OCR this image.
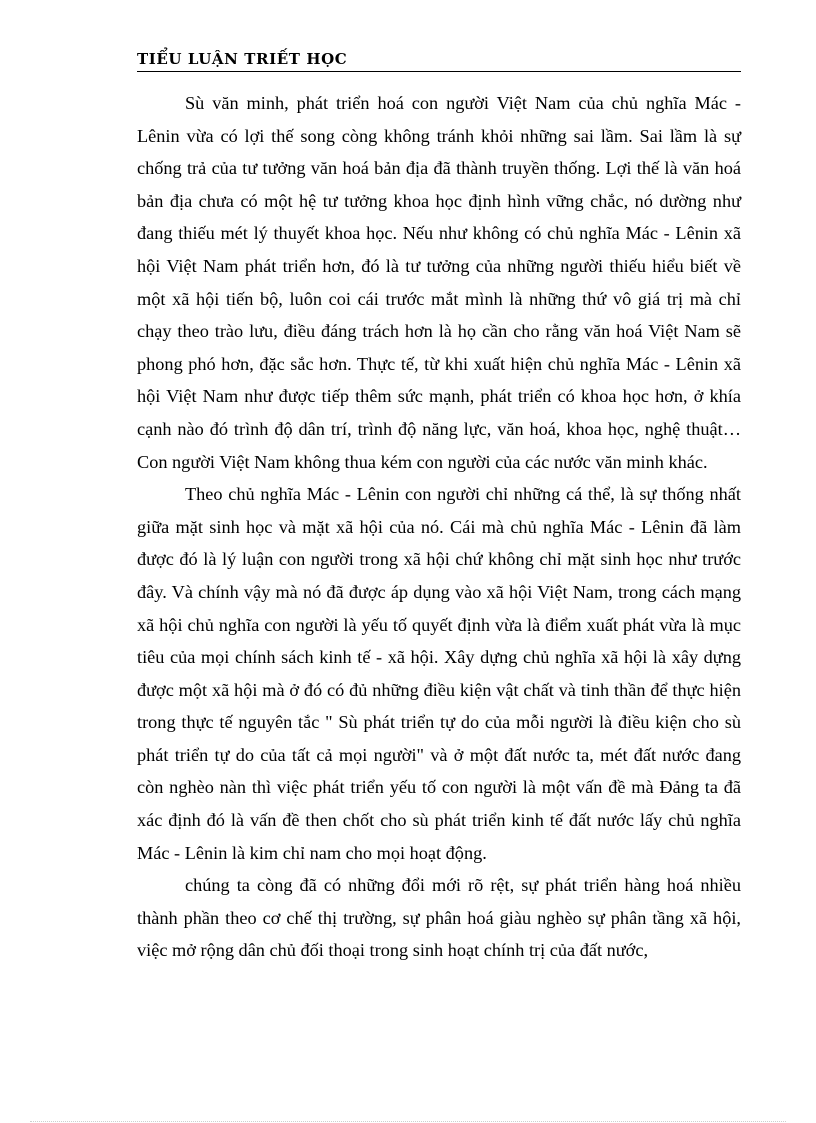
TIỂU LUẬN TRIẾT HỌC

Sù văn minh, phát triển hoá con người Việt Nam của chủ nghĩa Mác - Lênin vừa có lợi thế song còng không tránh khỏi những sai lầm. Sai lầm là sự chống trả của tư tưởng văn hoá bản địa đã thành truyền thống. Lợi thế là văn hoá bản địa chưa có một hệ tư tưởng khoa học định hình vững chắc, nó dường như đang thiếu mét lý thuyết khoa học. Nếu như không có chủ nghĩa Mác - Lênin xã hội Việt Nam phát triển hơn, đó là tư tưởng của những người thiếu hiểu biết về một xã hội tiến bộ, luôn coi cái trước mắt mình là những thứ vô giá trị mà chỉ chạy theo trào lưu, điều đáng trách hơn là họ cần cho rằng văn hoá Việt Nam sẽ phong phó hơn, đặc sắc hơn. Thực tế, từ khi xuất hiện chủ nghĩa Mác - Lênin xã hội Việt Nam như được tiếp thêm sức mạnh, phát triển có khoa học hơn, ở khía cạnh nào đó trình độ dân trí, trình độ năng lực, văn hoá, khoa học, nghệ thuật… Con người Việt Nam không thua kém con người của các nước văn minh khác.

Theo chủ nghĩa Mác - Lênin con người chỉ những cá thể, là sự thống nhất giữa mặt sinh học và mặt xã hội của nó. Cái mà chủ nghĩa Mác - Lênin đã làm được đó là lý luận con người trong xã hội chứ không chỉ mặt sinh học như trước đây. Và chính vậy mà nó đã được áp dụng vào xã hội Việt Nam, trong cách mạng xã hội chủ nghĩa con người là yếu tố quyết định vừa là điểm xuất phát vừa là mục tiêu của mọi chính sách kinh tế - xã hội. Xây dựng chủ nghĩa xã hội là xây dựng được một xã hội mà ở đó có đủ những điều kiện vật chất và tinh thần để thực hiện trong thực tế nguyên tắc " Sù phát triển tự do của mỗi người là điều kiện cho sù phát triển tự do của tất cả mọi người" và ở một đất nước ta, mét đất nước đang còn nghèo nàn thì việc phát triển yếu tố con người là một vấn đề mà Đảng ta đã xác định đó là vấn đề then chốt cho sù phát triển kinh tế đất nước lấy chủ nghĩa Mác - Lênin là kim chỉ nam cho mọi hoạt động.

chúng ta còng đã có những đổi mới rõ rệt, sự phát triển hàng hoá nhiều thành phần theo cơ chế thị trường, sự phân hoá giàu nghèo sự phân tầng xã hội, việc mở rộng dân chủ đối thoại trong sinh hoạt chính trị của đất nước,
